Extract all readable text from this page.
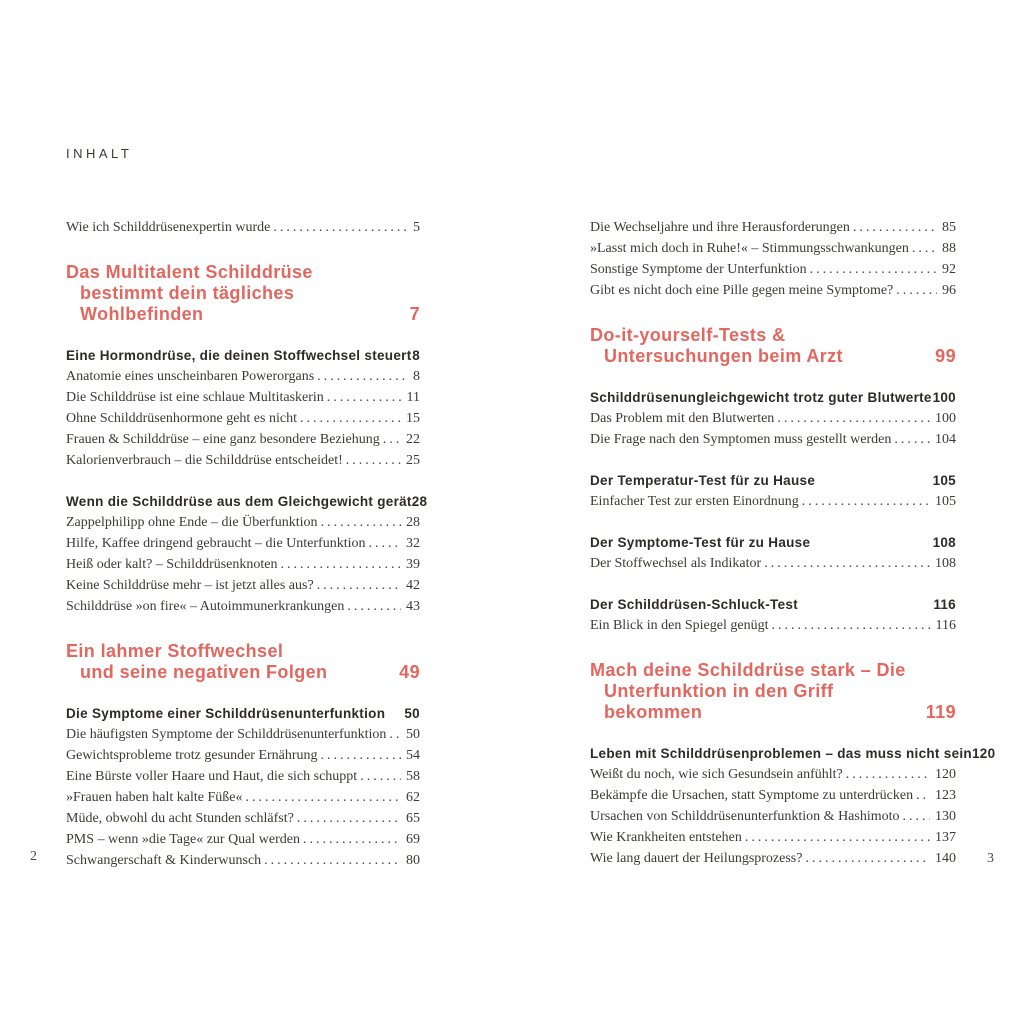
INHALT
Wie ich Schilddrüsenexpertin wurde .....	5
Das Multitalent Schilddrüse
bestimmt dein tägliches Wohlbefinden	7
Eine Hormondrüse, die deinen Stoffwechsel steuert 8
Anatomie eines unscheinbaren Powerorgans .....	8
Die Schilddrüse ist eine schlaue Multitaskerin .....	11
Ohne Schilddrüsenhormone geht es nicht .....	15
Frauen & Schilddrüse – eine ganz besondere Beziehung ..... 22
Kalorienverbrauch – die Schilddrüse entscheidet! .....	25
Wenn die Schilddrüse aus dem Gleichgewicht gerät 28
Zappelphilipp ohne Ende – die Überfunktion .....	28
Hilfe, Kaffee dringend gebraucht – die Unterfunktion .....	32
Heiß oder kalt? – Schilddrüsenknoten .....	39
Keine Schilddrüse mehr – ist jetzt alles aus? .....	42
Schilddrüse »on fire« – Autoimmunerkrankungen .....	43
Ein lahmer Stoffwechsel
und seine negativen Folgen	49
Die Symptome einer Schilddrüsenunterfunktion	50
Die häufigsten Symptome der Schilddrüsenunterfunktion ..... 50
Gewichtsprobleme trotz gesunder Ernährung .....	54
Eine Bürste voller Haare und Haut, die sich schuppt .....	58
»Frauen haben halt kalte Füße« .....	62
Müde, obwohl du acht Stunden schläfst? .....	65
PMS – wenn »die Tage« zur Qual werden .....	69
Schwangerschaft & Kinderwunsch .....	80
Die Wechseljahre und ihre Herausforderungen .....	85
»Lasst mich doch in Ruhe!« – Stimmungsschwankungen ..... 88
Sonstige Symptome der Unterfunktion .....	92
Gibt es nicht doch eine Pille gegen meine Symptome? .....	96
Do-it-yourself-Tests &
Untersuchungen beim Arzt	99
Schilddrüsenungleichgewicht trotz guter Blutwerte 100
Das Problem mit den Blutwerten .....	100
Die Frage nach den Symptomen muss gestellt werden .....	104
Der Temperatur-Test für zu Hause	105
Einfacher Test zur ersten Einordnung .....	105
Der Symptome-Test für zu Hause	108
Der Stoffwechsel als Indikator .....	108
Der Schilddrüsen-Schluck-Test	116
Ein Blick in den Spiegel genügt .....	116
Mach deine Schilddrüse stark – Die
Unterfunktion in den Griff bekommen	119
Leben mit Schilddrüsenproblemen – das muss nicht sein 120
Weißt du noch, wie sich Gesundsein anfühlt? .....	120
Bekämpfe die Ursachen, statt Symptome zu unterdrücken ..... 123
Ursachen von Schilddrüsenunterfunktion & Hashimoto .....	130
Wie Krankheiten entstehen .....	137
Wie lang dauert der Heilungsprozess? .....	140
2	3
